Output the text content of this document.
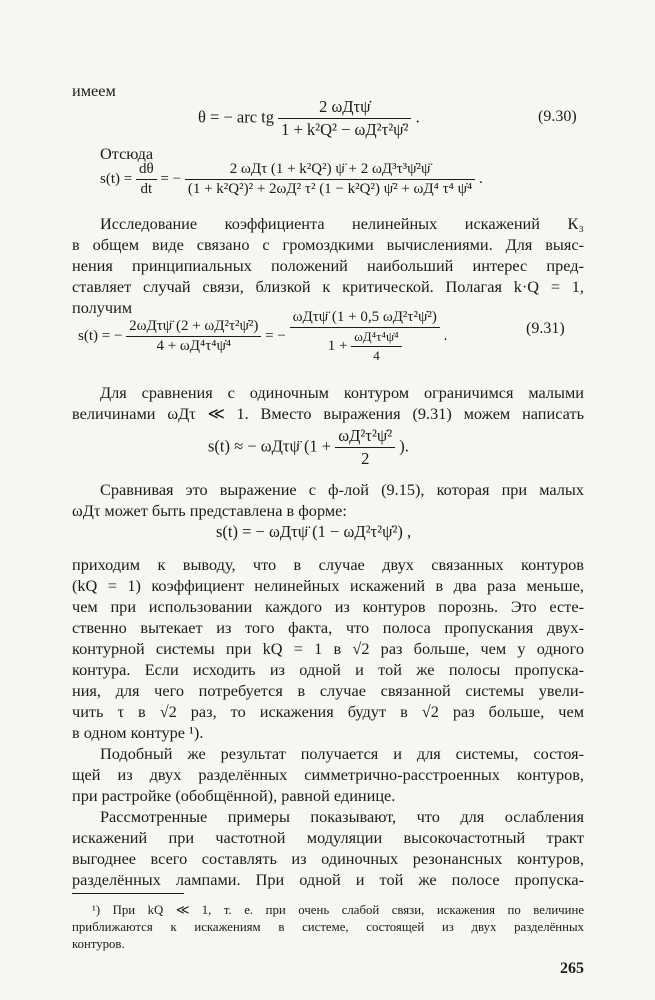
имеем
θ = − arc tg $\frac{\text{2 ωДτψ̇}}{\text{1 + k²Q² − ωД²τ²ψ̇²}}$ .	(9.30)
Отсюда
$s(t) = \frac{d\theta}{dt}$ = − $\frac{\text{2 ωДτ (1 + k²Q²) ψ̈ + 2 ωД³τ³ψ̇²ψ̈}}{\text{(1 + k²Q²)² + 2ωД² τ² (1 − k²Q²) ψ̇² + ωД⁴ τ⁴ ψ̇⁴}}$ .
Исследование коэффициента нелинейных искажений К₃
в общем виде связано с громоздкими вычислениями. Для выяс-
нения принципиальных положений наибольший интерес пред-
ставляет случай связи, близкой к критической. Полагая k·Q = 1,
получим
s(t) = − $\frac{\text{2ωДτψ̈ (2 + ωД²τ²ψ̇²)}}{\text{4 + ωД⁴τ⁴ψ̇⁴}}$ = − $\frac{\text{ωДτψ̈ (1 + 0,5 ωД²τ²ψ̇²)}}{1 + \frac{\text{ωД⁴τ⁴ψ̇⁴}}{4}}$ .	(9.31)
Для сравнения с одиночным контуром ограничимся малыми
величинами ωДτ ≪ 1. Вместо выражения (9.31) можем написать
s(t) ≈ − ωДτψ̈ ($1 + \frac{\text{ωД²τ²ψ̇²}}{2}$ ).
Сравнивая это выражение с ф-лой (9.15), которая при малых
ωДτ может быть представлена в форме:
s(t) = − ωДτψ̈ (1 − ωД²τ²ψ̇²) ,
приходим к выводу, что в случае двух связанных контуров
(kQ = 1) коэффициент нелинейных искажений в два раза меньше,
чем при использовании каждого из контуров порознь. Это есте-
ственно вытекает из того факта, что полоса пропускания двух-
контурной системы при kQ = 1 в √2 раз больше, чем у одного
контура. Если исходить из одной и той же полосы пропуска-
ния, для чего потребуется в случае связанной системы увели-
чить τ в √2 раз, то искажения будут в √2 раз больше, чем
в одном контуре ¹).
Подобный же результат получается и для системы, состоя-
щей из двух разделённых симметрично-расстроенных контуров,
при растройке (обобщённой), равной единице.
Рассмотренные примеры показывают, что для ослабления
искажений при частотной модуляции высокочастотный тракт
выгоднее всего составлять из одиночных резонансных контуров,
разделённых лампами. При одной и той же полосе пропуска-
¹) При kQ ≪ 1, т. е. при очень слабой связи, искажения по величине
приближаются к искажениям в системе, состоящей из двух разделённых
контуров.
265
